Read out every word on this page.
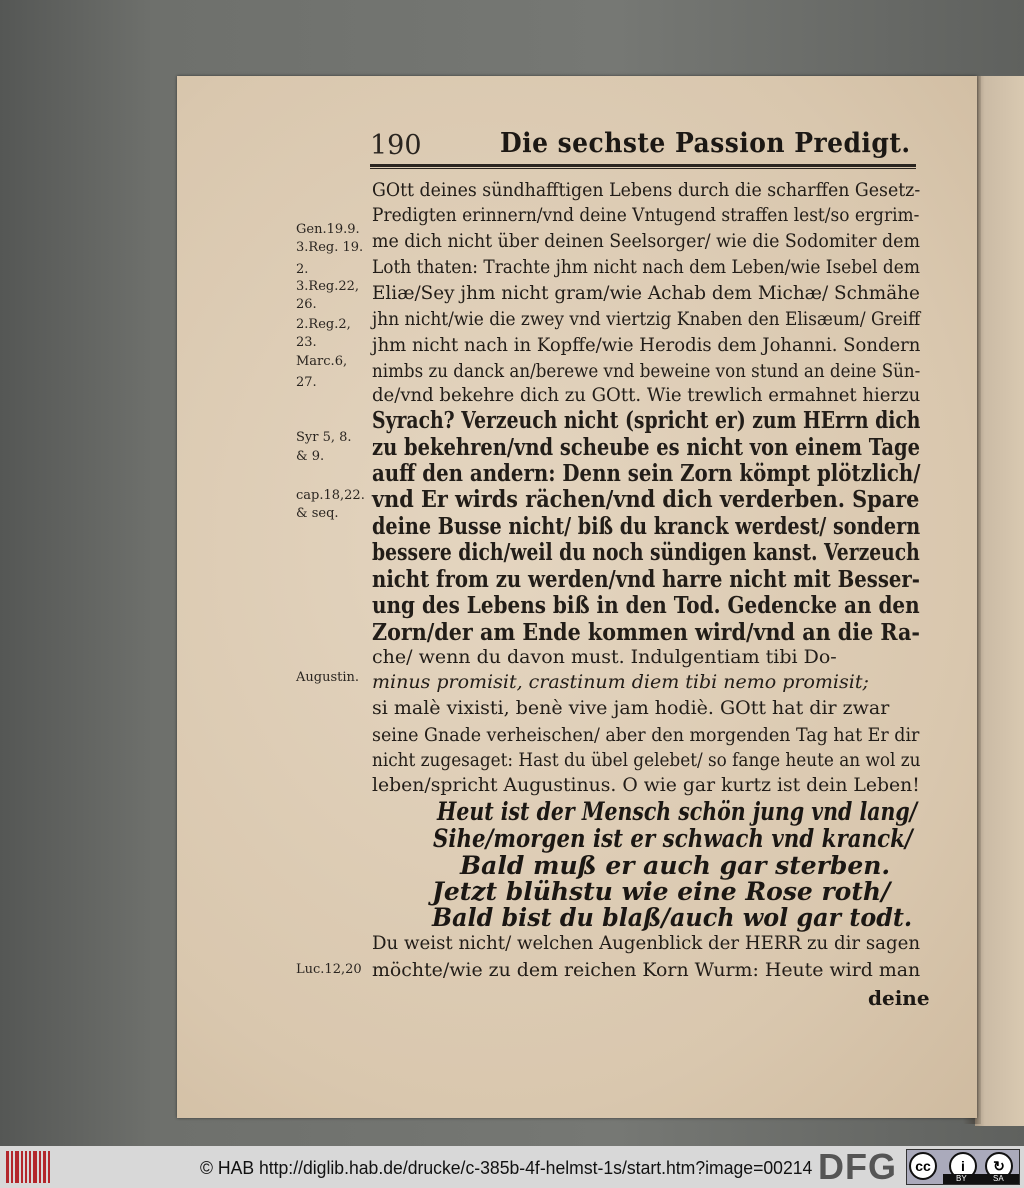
190	Die sechste Passion Predigt.
GOtt deines sündhafftigen Lebens durch die scharffen Gesetz-
Predigten erinnern/vnd deine Vntugend straffen lest/so ergrim-
me dich nicht über deinen Seelsorger/ wie die Sodomiter dem
Loth thaten: Trachte jhm nicht nach dem Leben/wie Isebel dem
Eliæ/Sey jhm nicht gram/wie Achab dem Michæ/ Schmähe
jhn nicht/wie die zwey vnd viertzig Knaben den Elisæum/ Greiff
jhm nicht nach in Kopffe/wie Herodis dem Johanni. Sondern
nimbs zu danck an/berewe vnd beweine von stund an deine Sün-
de/vnd bekehre dich zu GOtt. Wie trewlich ermahnet hierzu
Syrach? Verzeuch nicht (spricht er) zum HErrn dich
zu bekehren/vnd scheube es nicht von einem Tage
auff den andern: Denn sein Zorn kömpt plötzlich/
vnd Er wirds rächen/vnd dich verderben. Spare
deine Busse nicht/ biß du kranck werdest/ sondern
bessere dich/weil du noch sündigen kanst. Verzeuch
nicht from zu werden/vnd harre nicht mit Besser-
ung des Lebens biß in den Tod. Gedencke an den
Zorn/der am Ende kommen wird/vnd an die Ra-
che/ wenn du davon must. Indulgentiam tibi Do-
minus promisit, crastinum diem tibi nemo promisit;
si malè vixisti, benè vive jam hodiè. GOtt hat dir zwar
seine Gnade verheischen/ aber den morgenden Tag hat Er dir
nicht zugesaget: Hast du übel gelebet/ so fange heute an wol zu
leben/spricht Augustinus. O wie gar kurtz ist dein Leben!
Heut ist der Mensch schön jung vnd lang/
Sihe/morgen ist er schwach vnd kranck/
Bald muß er auch gar sterben.
Jetzt blühstu wie eine Rose roth/
Bald bist du blaß/auch wol gar todt.
Du weist nicht/ welchen Augenblick der HERR zu dir sagen
möchte/wie zu dem reichen Korn Wurm: Heute wird man
deine
Gen.19.9.
3.Reg. 19.
2.
3.Reg.22,
26.
2.Reg.2,
23.
Marc.6,
27.
Syr 5, 8.
& 9.
cap.18,22.
& seq.
Augustin.
Luc.12,20
© HAB http://diglib.hab.de/drucke/c-385b-4f-helmst-1s/start.htm?image=00214 DFG	cc	i	↻
BY	SA
